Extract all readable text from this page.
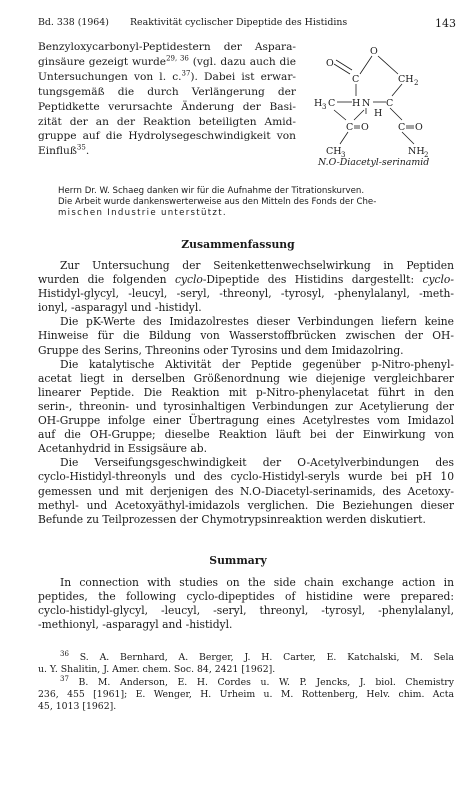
Bd. 338 (1964) Reaktivität cyclischer Dipeptide des Histidins	143
Benzyloxycarbonyl-Peptidestern der Aspara-
ginsäure gezeigt wurde$^{29, 36}$ (vgl. dazu auch die
Untersuchungen von l. c.$^{37}$). Dabei ist erwar-
tungsgemäß die durch Verlängerung der
Peptidkette verursachte Änderung der Basi-
zität der an der Reaktion beteiligten Amid-
gruppe auf die Hydrolysegeschwindigkeit von
Einfluß$^{35}$.
O
O
C	CH 2
H 3 C H N C
H
C O	C O
CH 3	NH 2
N.O-Diacetyl-serinamid
Herrn Dr. W. Schaeg danken wir für die Aufnahme der Titrationskurven.
Die Arbeit wurde dankenswerterweise aus den Mitteln des Fonds der Che-
mischen Industrie unterstützt.
Zusammenfassung
Zur Untersuchung der Seitenkettenwechselwirkung in Peptiden
wurden die folgenden cyclo-Dipeptide des Histidins dargestellt: cyclo-
Histidyl-glycyl, -leucyl, -seryl, -threonyl, -tyrosyl, -phenylalanyl, -meth-
ionyl, -asparagyl und -histidyl.
Die pK-Werte des Imidazolrestes dieser Verbindungen liefern keine
Hinweise für die Bildung von Wasserstoffbrücken zwischen der OH-
Gruppe des Serins, Threonins oder Tyrosins und dem Imidazolring.
Die katalytische Aktivität der Peptide gegenüber p-Nitro-phenyl-
acetat liegt in derselben Größenordnung wie diejenige vergleichbarer
linearer Peptide. Die Reaktion mit p-Nitro-phenylacetat führt in den
serin-, threonin- und tyrosinhaltigen Verbindungen zur Acetylierung der
OH-Gruppe infolge einer Übertragung eines Acetylrestes vom Imidazol
auf die OH-Gruppe; dieselbe Reaktion läuft bei der Einwirkung von
Acetanhydrid in Essigsäure ab.
Die Verseifungsgeschwindigkeit der O-Acetylverbindungen des
cyclo-Histidyl-threonyls und des cyclo-Histidyl-seryls wurde bei pH 10
gemessen und mit derjenigen des N.O-Diacetyl-serinamids, des Acetoxy-
methyl- und Acetoxyäthyl-imidazols verglichen. Die Beziehungen dieser
Befunde zu Teilprozessen der Chymotrypsinreaktion werden diskutiert.
Summary
In connection with studies on the side chain exchange action in
peptides, the following cyclo-dipeptides of histidine were prepared:
cyclo-histidyl-glycyl, -leucyl, -seryl, threonyl, -tyrosyl, -phenylalanyl,
-methionyl, -asparagyl and -histidyl.
$^{36}$ S. A. Bernhard, A. Berger, J. H. Carter, E. Katchalski, M. Sela
u. Y. Shalitin, J. Amer. chem. Soc. 84, 2421 [1962].
$^{37}$ B. M. Anderson, E. H. Cordes u. W. P. Jencks, J. biol. Chemistry
236, 455 [1961]; E. Wenger, H. Urheim u. M. Rottenberg, Helv. chim. Acta
45, 1013 [1962].
